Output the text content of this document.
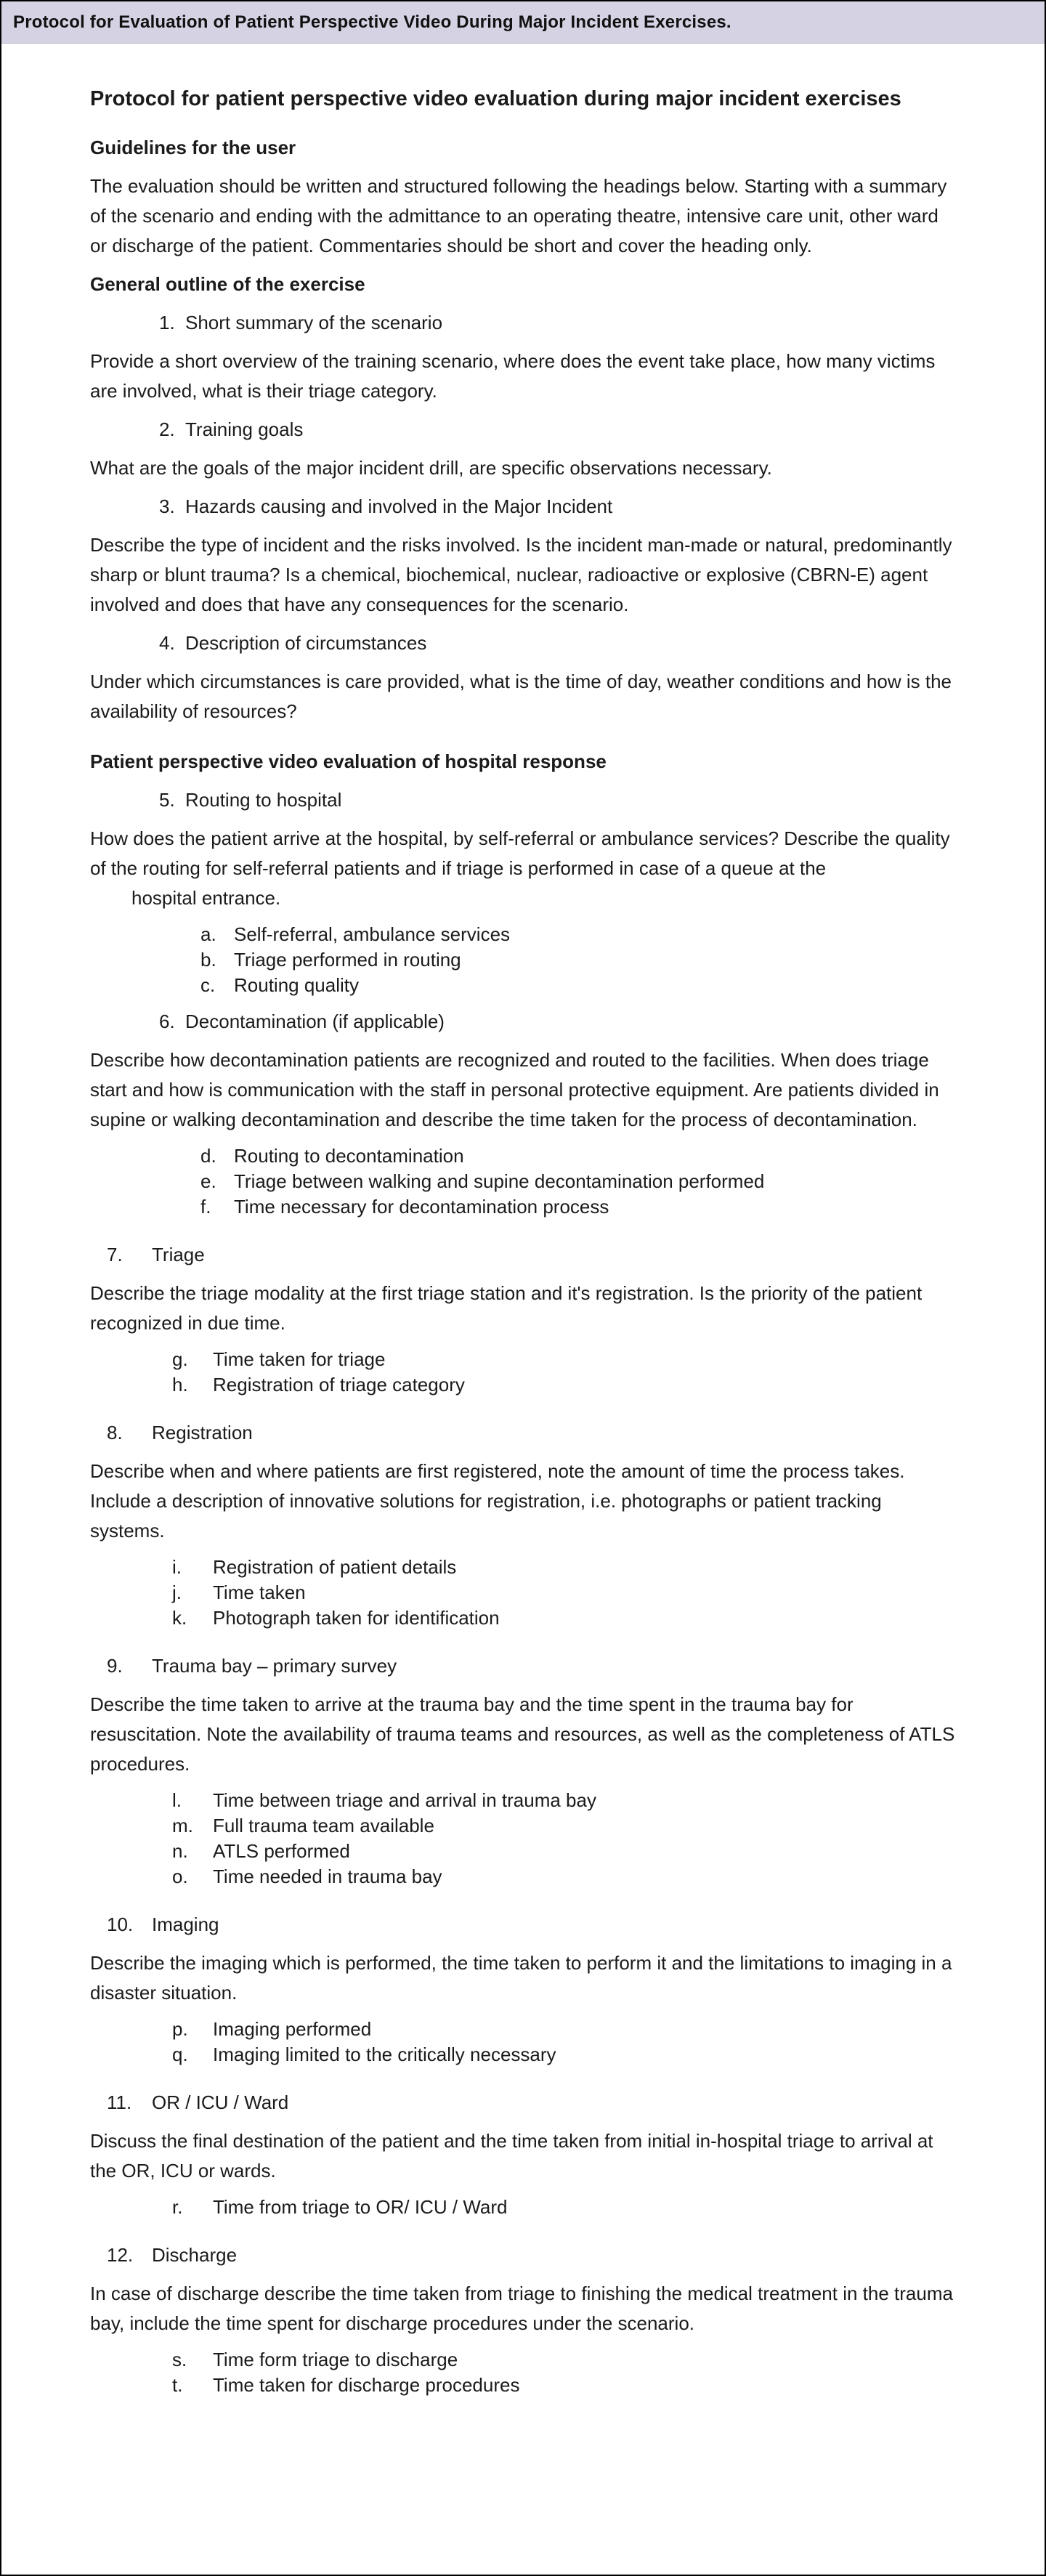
Protocol for Evaluation of Patient Perspective Video During Major Incident Exercises.
Protocol for patient perspective video evaluation during major incident exercises
Guidelines for the user
The evaluation should be written and structured following the headings below. Starting with a summary of the scenario and ending with the admittance to an operating theatre, intensive care unit, other ward or discharge of the patient. Commentaries should be short and cover the heading only.
General outline of the exercise
1. Short summary of the scenario
Provide a short overview of the training scenario, where does the event take place, how many victims are involved, what is their triage category.
2. Training goals
What are the goals of the major incident drill, are specific observations necessary.
3. Hazards causing and involved in the Major Incident
Describe the type of incident and the risks involved. Is the incident man-made or natural, predominantly sharp or blunt trauma? Is a chemical, biochemical, nuclear, radioactive or explosive (CBRN-E) agent involved and does that have any consequences for the scenario.
4. Description of circumstances
Under which circumstances is care provided, what is the time of day, weather conditions and how is the availability of resources?
Patient perspective video evaluation of hospital response
5. Routing to hospital
How does the patient arrive at the hospital, by self-referral or ambulance services? Describe the quality of the routing for self-referral patients and if triage is performed in case of a queue at the
hospital entrance.
a. Self-referral, ambulance services
b. Triage performed in routing
c. Routing quality
6. Decontamination (if applicable)
Describe how decontamination patients are recognized and routed to the facilities. When does triage start and how is communication with the staff in personal protective equipment. Are patients divided in supine or walking decontamination and describe the time taken for the process of decontamination.
d. Routing to decontamination
e. Triage between walking and supine decontamination performed
f.	Time necessary for decontamination process
7.	Triage
Describe the triage modality at the first triage station and it's registration. Is the priority of the patient recognized in due time.
g.	Time taken for triage
h.	Registration of triage category
8.	Registration
Describe when and where patients are first registered, note the amount of time the process takes. Include a description of innovative solutions for registration, i.e. photographs or patient tracking systems.
i.	Registration of patient details
j.	Time taken
k.	Photograph taken for identification
9.	Trauma bay – primary survey
Describe the time taken to arrive at the trauma bay and the time spent in the trauma bay for resuscitation. Note the availability of trauma teams and resources, as well as the completeness of ATLS procedures.
l.	Time between triage and arrival in trauma bay
m.	Full trauma team available
n.	ATLS performed
o.	Time needed in trauma bay
10. Imaging
Describe the imaging which is performed, the time taken to perform it and the limitations to imaging in a disaster situation.
p.	Imaging performed
q.	Imaging limited to the critically necessary
11.	OR / ICU / Ward
Discuss the final destination of the patient and the time taken from initial in-hospital triage to arrival at the OR, ICU or wards.
r.	Time from triage to OR/ ICU / Ward
12. Discharge
In case of discharge describe the time taken from triage to finishing the medical treatment in the trauma bay, include the time spent for discharge procedures under the scenario.
s.	Time form triage to discharge
t.	Time taken for discharge procedures
